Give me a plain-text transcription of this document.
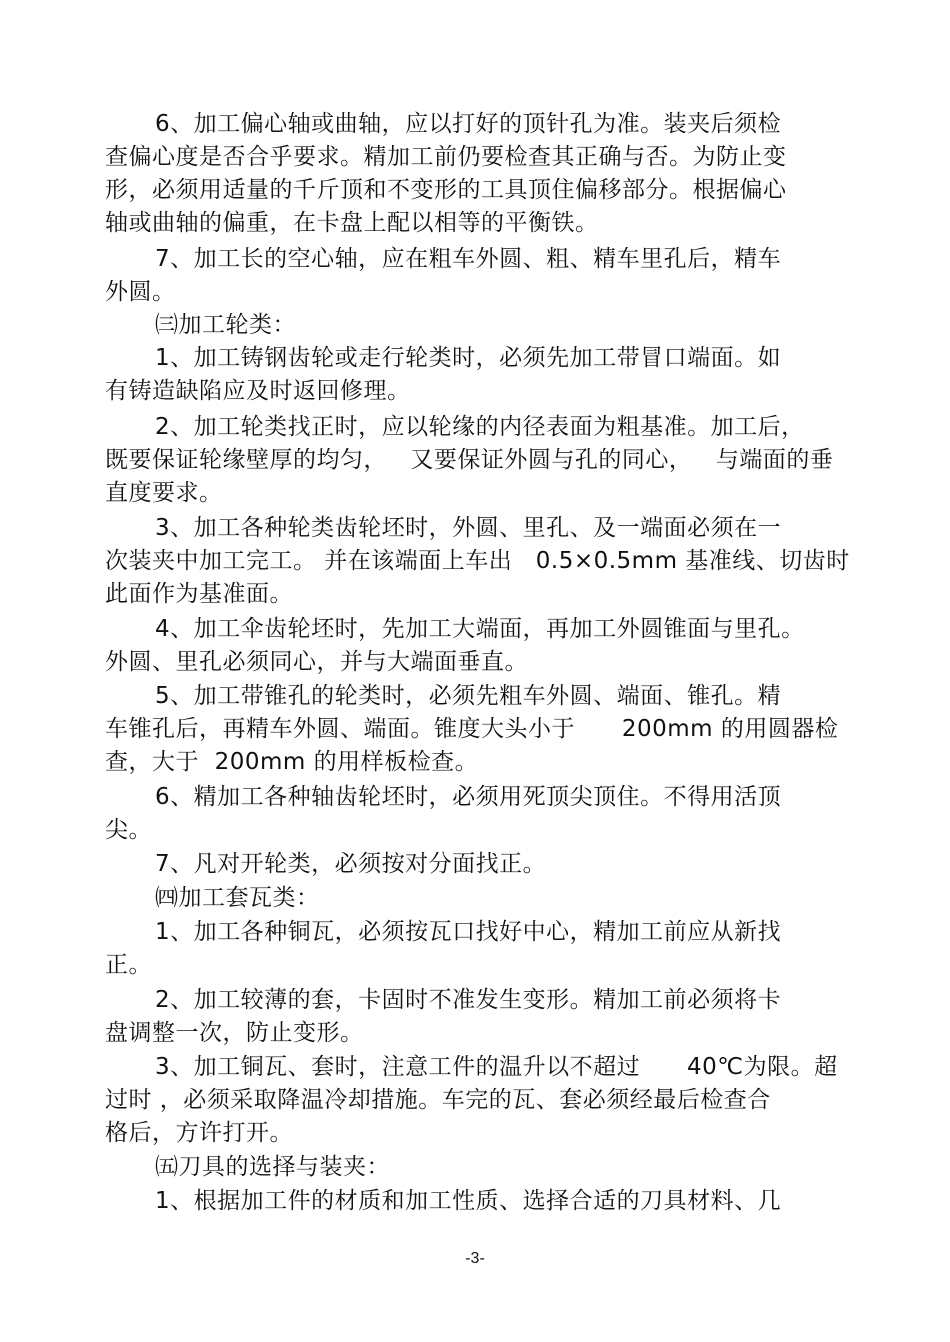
6、加工偏心轴或曲轴，应以打好的顶针孔为准。装夹后须检
查偏心度是否合乎要求。精加工前仍要检查其正确与否。为防止变
形，必须用适量的千斤顶和不变形的工具顶住偏移部分。根据偏心
轴或曲轴的偏重，在卡盘上配以相等的平衡铁。
7、加工长的空心轴，应在粗车外圆、粗、精车里孔后，精车
外圆。
㈢加工轮类：
1、加工铸钢齿轮或走行轮类时，必须先加工带冒口端面。如
有铸造缺陷应及时返回修理。
2、加工轮类找正时，应以轮缘的内径表面为粗基准。加工后，
既要保证轮缘壁厚的均匀，   又要保证外圆与孔的同心，   与端面的垂
直度要求。
3、加工各种轮类齿轮坯时，外圆、里孔、及一端面必须在一
次装夹中加工完工。 并在该端面上车出   0.5×0.5mm 基准线、切齿时
此面作为基准面。
4、加工伞齿轮坯时，先加工大端面，再加工外圆锥面与里孔。
外圆、里孔必须同心，并与大端面垂直。
5、加工带锥孔的轮类时，必须先粗车外圆、端面、锥孔。精
车锥孔后，再精车外圆、端面。锥度大头小于      200mm 的用圆器检
查，大于  200mm 的用样板检查。
6、精加工各种轴齿轮坯时，必须用死顶尖顶住。不得用活顶
尖。
7、凡对开轮类，必须按对分面找正。
㈣加工套瓦类：
1、加工各种铜瓦，必须按瓦口找好中心，精加工前应从新找
正。
2、加工较薄的套，卡固时不准发生变形。精加工前必须将卡
盘调整一次，防止变形。
3、加工铜瓦、套时，注意工件的温升以不超过      40℃为限。超
过时 ，必须采取降温冷却措施。车完的瓦、套必须经最后检查合
格后，方许打开。
㈤刀具的选择与装夹：
1、根据加工件的材质和加工性质、选择合适的刀具材料、几
-3-
